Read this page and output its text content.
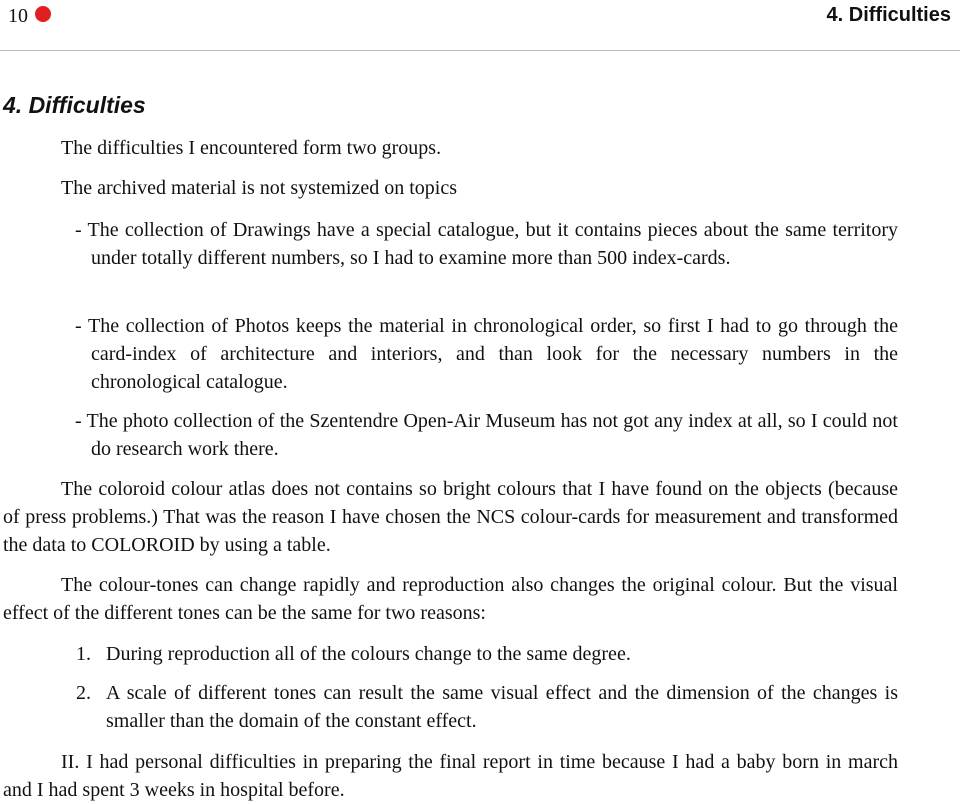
10	4. Difficulties
4. Difficulties

The difficulties I encountered form two groups.

The archived material is not systemized on topics

- The collection of Drawings have a special catalogue, but it contains pieces about the same territory under totally different numbers, so I had to examine more than 500 index-cards.

- The collection of Photos keeps the material in chronological order, so first I had to go through the card-index of architecture and interiors, and than look for the necessary numbers in the chronological catalogue.

- The photo collection of the Szentendre Open-Air Museum has not got any index at all, so I could not do research work there.

The coloroid colour atlas does not contains so bright colours that I have found on the objects (because of press problems.) That was the reason I have chosen the NCS colour-cards for measurement and transformed the data to COLOROID by using a table.

The colour-tones can change rapidly and reproduction also changes the original colour. But the visual effect of the different tones can be the same for two reasons:

1. During reproduction all of the colours change to the same degree.
2. A scale of different tones can result the same visual effect and the dimension of the changes is smaller than the domain of the constant effect.

II. I had personal difficulties in preparing the final report in time because I had a baby born in march and I had spent 3 weeks in hospital before.
